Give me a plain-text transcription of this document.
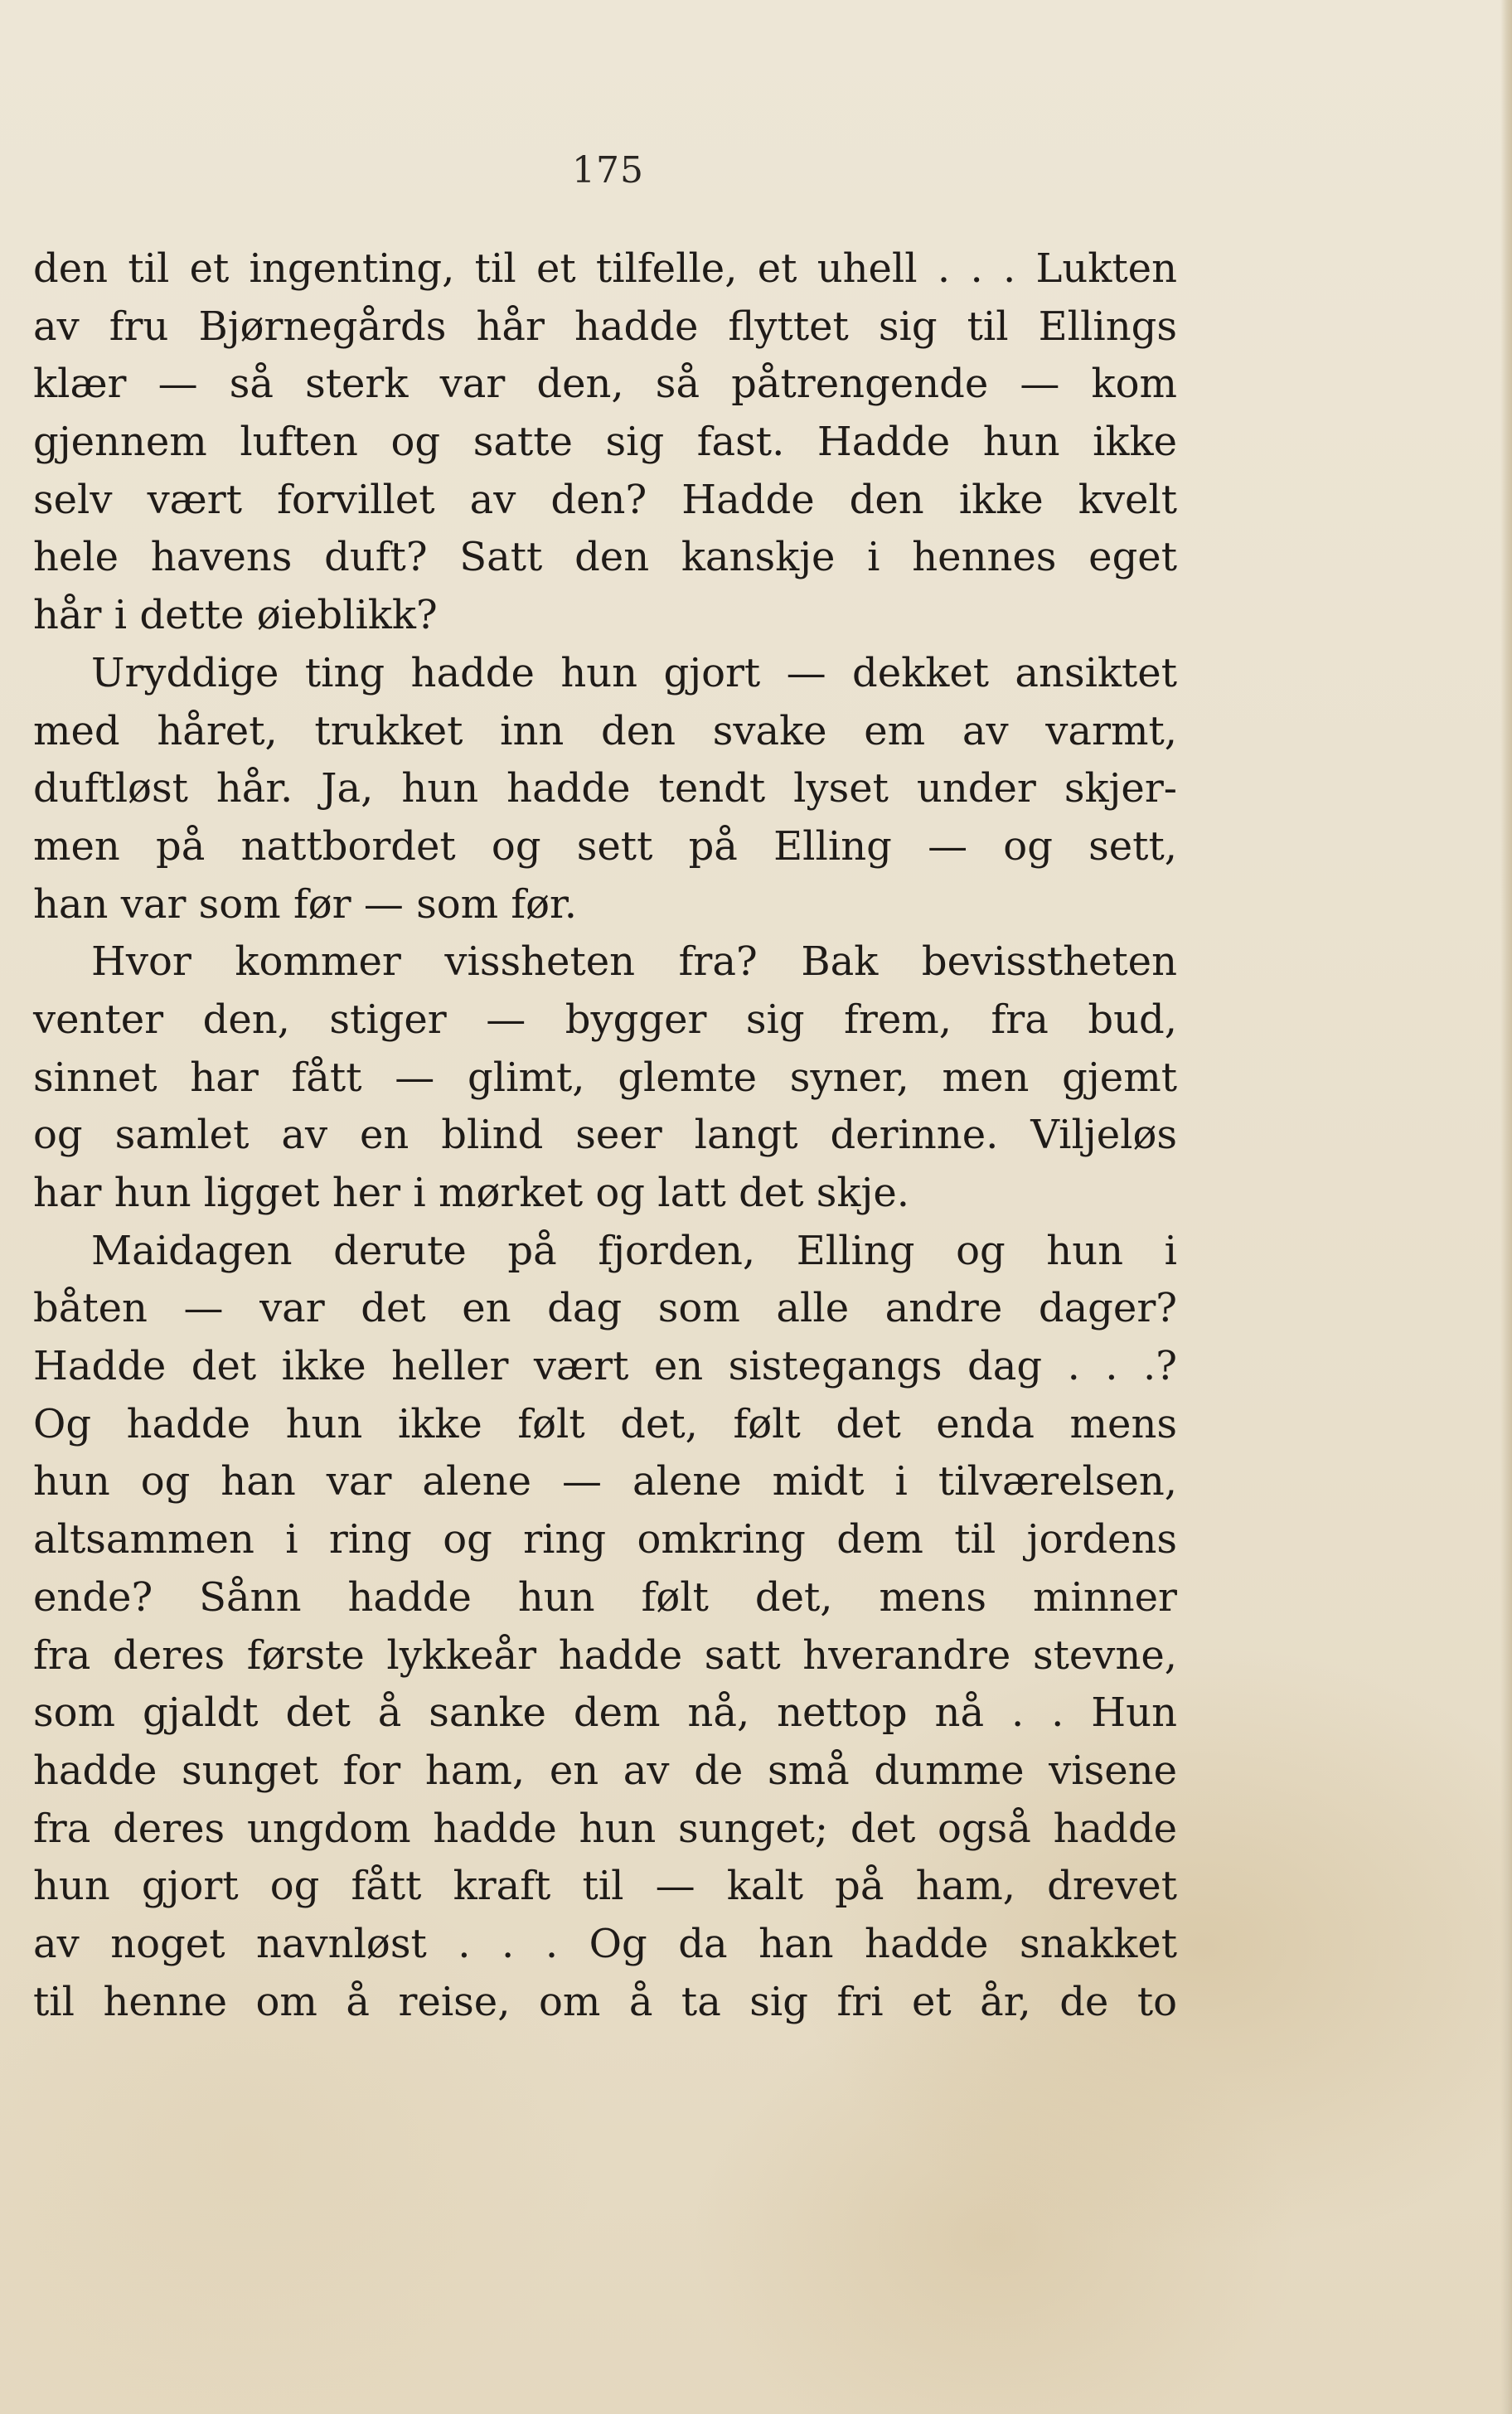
175
den til et ingenting, til et tilfelle, et uhell . . . Lukten
av fru Bjørnegårds hår hadde flyttet sig til Ellings
klær — så sterk var den, så påtrengende — kom
gjennem luften og satte sig fast. Hadde hun ikke
selv vært forvillet av den? Hadde den ikke kvelt
hele havens duft? Satt den kanskje i hennes eget
hår i dette øieblikk?
Uryddige ting hadde hun gjort — dekket ansiktet
med håret, trukket inn den svake em av varmt,
duftløst hår. Ja, hun hadde tendt lyset under skjer-
men på nattbordet og sett på Elling — og sett,
han var som før — som før.
Hvor kommer vissheten fra? Bak bevisstheten
venter den, stiger — bygger sig frem, fra bud,
sinnet har fått — glimt, glemte syner, men gjemt
og samlet av en blind seer langt derinne. Viljeløs
har hun ligget her i mørket og latt det skje.
Maidagen derute på fjorden, Elling og hun i
båten — var det en dag som alle andre dager?
Hadde det ikke heller vært en sistegangs dag . . .?
Og hadde hun ikke følt det, følt det enda mens
hun og han var alene — alene midt i tilværelsen,
altsammen i ring og ring omkring dem til jordens
ende? Sånn hadde hun følt det, mens minner
fra deres første lykkeår hadde satt hverandre stevne,
som gjaldt det å sanke dem nå, nettop nå . . Hun
hadde sunget for ham, en av de små dumme visene
fra deres ungdom hadde hun sunget; det også hadde
hun gjort og fått kraft til — kalt på ham, drevet
av noget navnløst . . . Og da han hadde snakket
til henne om å reise, om å ta sig fri et år, de to
